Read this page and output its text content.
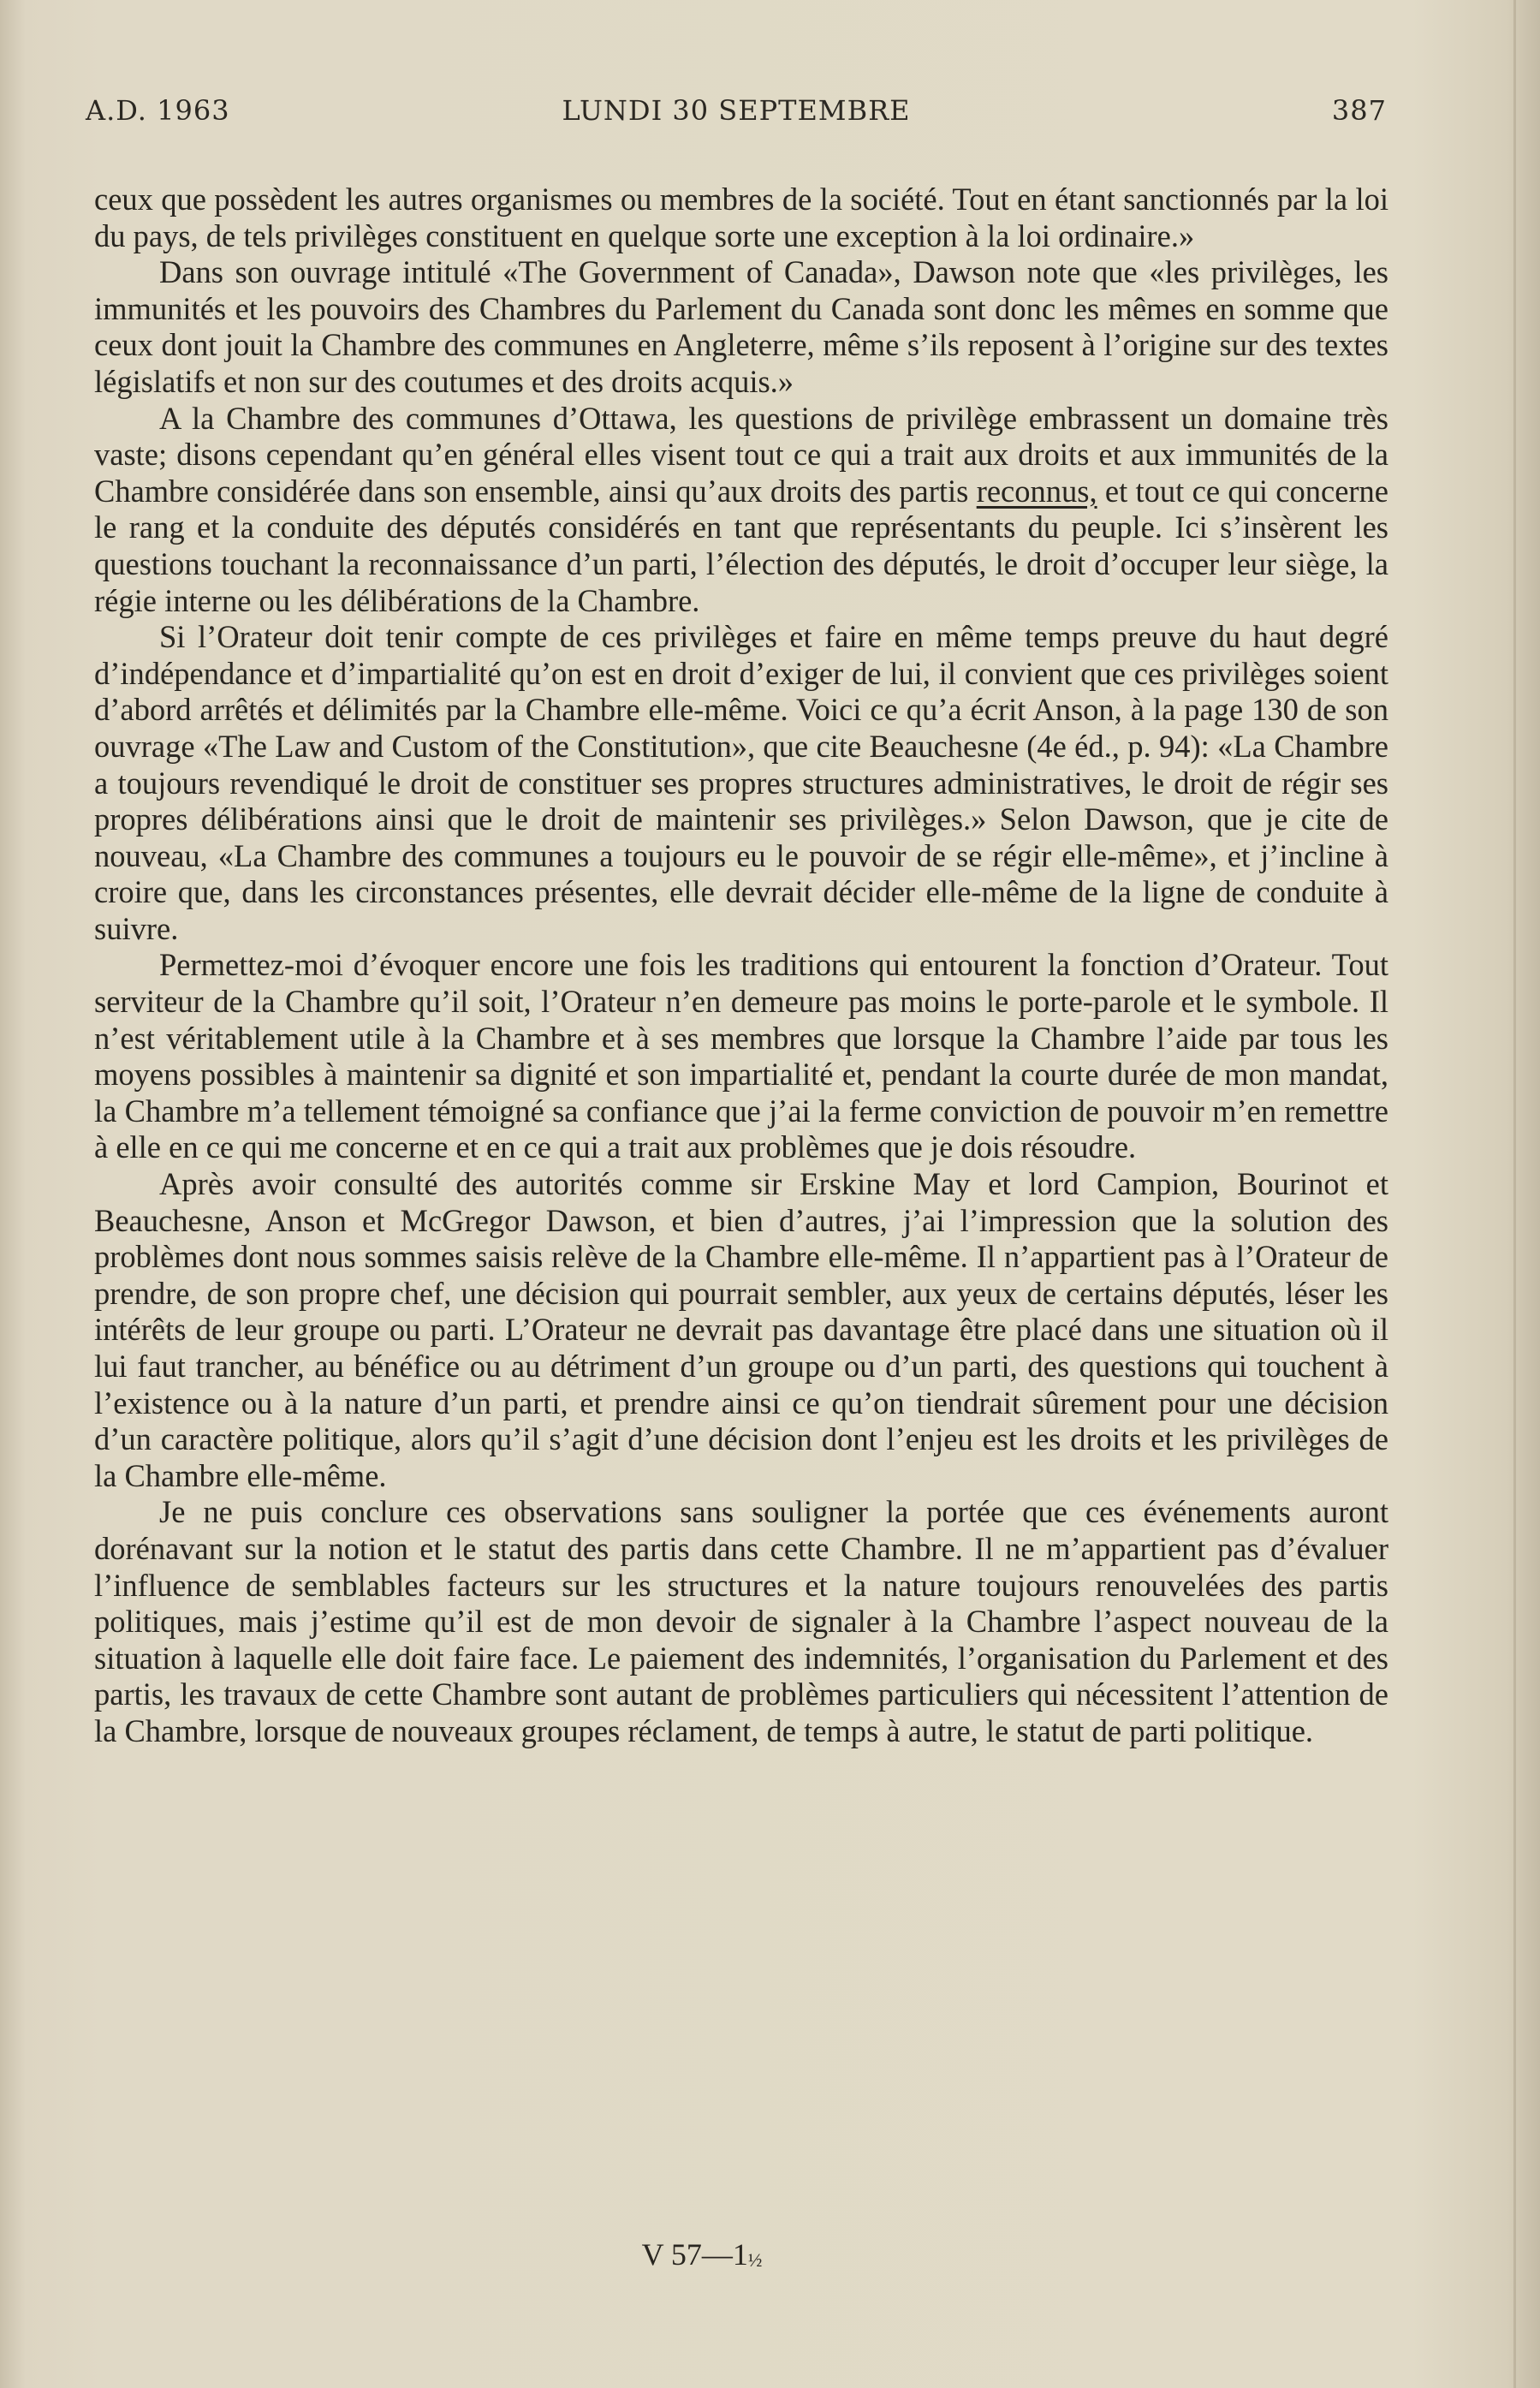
A.D. 1963	LUNDI 30 SEPTEMBRE	387

ceux que possèdent les autres organismes ou membres de la société. Tout en étant sanctionnés par la loi du pays, de tels privilèges constituent en quelque sorte une exception à la loi ordinaire.»

Dans son ouvrage intitulé «The Government of Canada», Dawson note que «les privilèges, les immunités et les pouvoirs des Chambres du Parlement du Canada sont donc les mêmes en somme que ceux dont jouit la Chambre des communes en Angleterre, même s’ils reposent à l’origine sur des textes législatifs et non sur des coutumes et des droits acquis.»

A la Chambre des communes d’Ottawa, les questions de privilège embrassent un domaine très vaste; disons cependant qu’en général elles visent tout ce qui a trait aux droits et aux immunités de la Chambre considérée dans son ensemble, ainsi qu’aux droits des partis reconnus, et tout ce qui concerne le rang et la conduite des députés considérés en tant que représentants du peuple. Ici s’insèrent les questions touchant la reconnaissance d’un parti, l’élection des députés, le droit d’occuper leur siège, la régie interne ou les délibérations de la Chambre.

Si l’Orateur doit tenir compte de ces privilèges et faire en même temps preuve du haut degré d’indépendance et d’impartialité qu’on est en droit d’exiger de lui, il convient que ces privilèges soient d’abord arrêtés et délimités par la Chambre elle-même. Voici ce qu’a écrit Anson, à la page 130 de son ouvrage «The Law and Custom of the Constitution», que cite Beauchesne (4e éd., p. 94): «La Chambre a toujours revendiqué le droit de constituer ses propres structures administratives, le droit de régir ses propres délibérations ainsi que le droit de maintenir ses privilèges.» Selon Dawson, que je cite de nouveau, «La Chambre des communes a toujours eu le pouvoir de se régir elle-même», et j’incline à croire que, dans les circonstances présentes, elle devrait décider elle-même de la ligne de conduite à suivre.

Permettez-moi d’évoquer encore une fois les traditions qui entourent la fonction d’Orateur. Tout serviteur de la Chambre qu’il soit, l’Orateur n’en demeure pas moins le porte-parole et le symbole. Il n’est véritablement utile à la Chambre et à ses membres que lorsque la Chambre l’aide par tous les moyens possibles à maintenir sa dignité et son impartialité et, pendant la courte durée de mon mandat, la Chambre m’a tellement témoigné sa confiance que j’ai la ferme conviction de pouvoir m’en remettre à elle en ce qui me concerne et en ce qui a trait aux problèmes que je dois résoudre.

Après avoir consulté des autorités comme sir Erskine May et lord Campion, Bourinot et Beauchesne, Anson et McGregor Dawson, et bien d’autres, j’ai l’impression que la solution des problèmes dont nous sommes saisis relève de la Chambre elle-même. Il n’appartient pas à l’Orateur de prendre, de son propre chef, une décision qui pourrait sembler, aux yeux de certains députés, léser les intérêts de leur groupe ou parti. L’Orateur ne devrait pas davantage être placé dans une situation où il lui faut trancher, au bénéfice ou au détriment d’un groupe ou d’un parti, des questions qui touchent à l’existence ou à la nature d’un parti, et prendre ainsi ce qu’on tiendrait sûrement pour une décision d’un caractère politique, alors qu’il s’agit d’une décision dont l’enjeu est les droits et les privilèges de la Chambre elle-même.

Je ne puis conclure ces observations sans souligner la portée que ces événements auront dorénavant sur la notion et le statut des partis dans cette Chambre. Il ne m’appartient pas d’évaluer l’influence de semblables facteurs sur les structures et la nature toujours renouvelées des partis politiques, mais j’estime qu’il est de mon devoir de signaler à la Chambre l’aspect nouveau de la situation à laquelle elle doit faire face. Le paiement des indemnités, l’organisation du Parlement et des partis, les travaux de cette Chambre sont autant de problèmes particuliers qui nécessitent l’attention de la Chambre, lorsque de nouveaux groupes réclament, de temps à autre, le statut de parti politique.

V 57—1½
